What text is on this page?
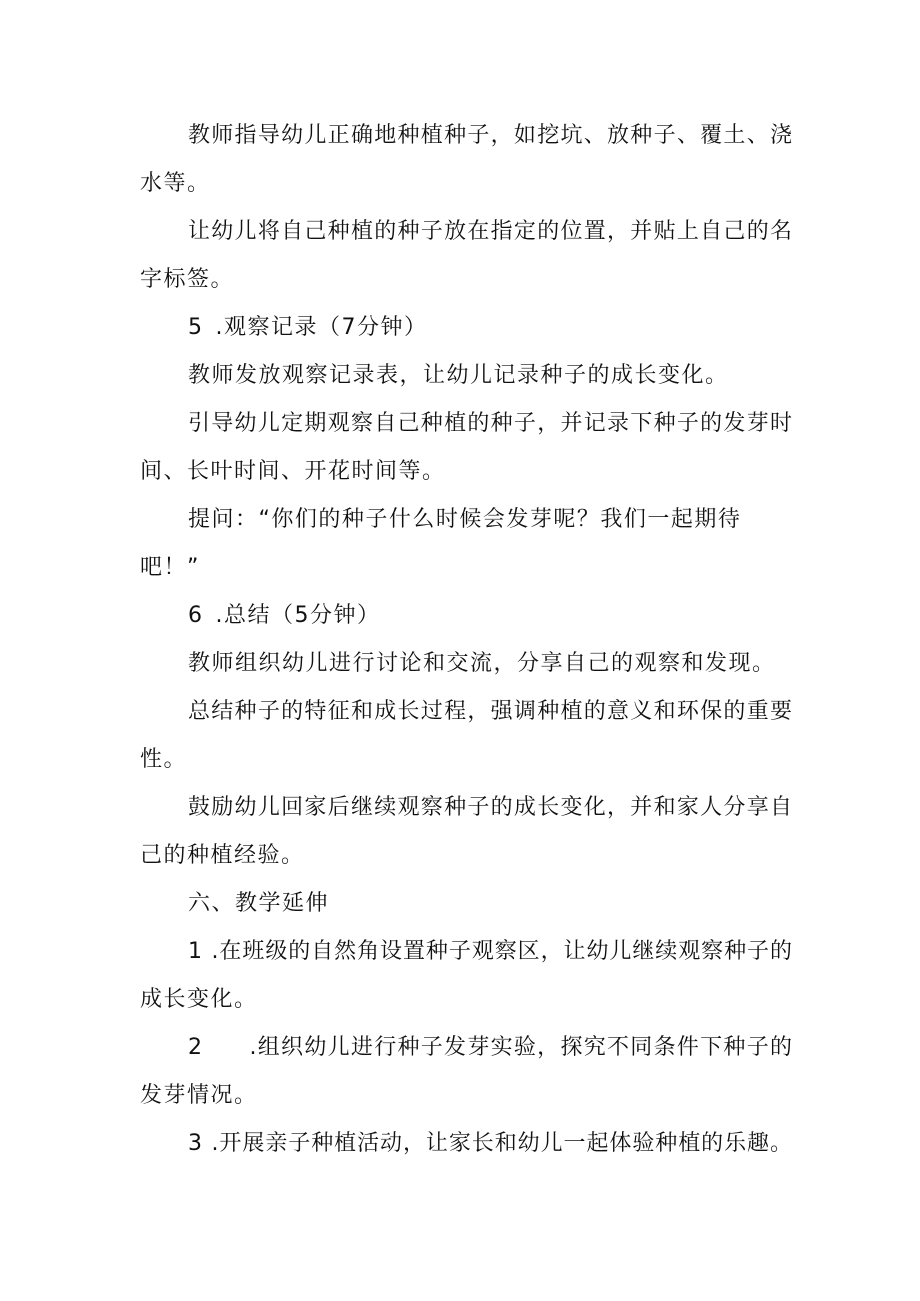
教师指导幼儿正确地种植种子，如挖坑、放种子、覆土、浇
水等。
让幼儿将自己种植的种子放在指定的位置，并贴上自己的名
字标签。
5 .观察记录（7分钟）
教师发放观察记录表，让幼儿记录种子的成长变化。
引导幼儿定期观察自己种植的种子，并记录下种子的发芽时
间、长叶时间、开花时间等。
提问：“你们的种子什么时候会发芽呢？我们一起期待
吧！”
6 .总结（5分钟）
教师组织幼儿进行讨论和交流，分享自己的观察和发现。
总结种子的特征和成长过程，强调种植的意义和环保的重要
性。
鼓励幼儿回家后继续观察种子的成长变化，并和家人分享自
己的种植经验。
六、教学延伸
1 .在班级的自然角设置种子观察区，让幼儿继续观察种子的
成长变化。
2 .组织幼儿进行种子发芽实验，探究不同条件下种子的
发芽情况。
3 .开展亲子种植活动，让家长和幼儿一起体验种植的乐趣。
